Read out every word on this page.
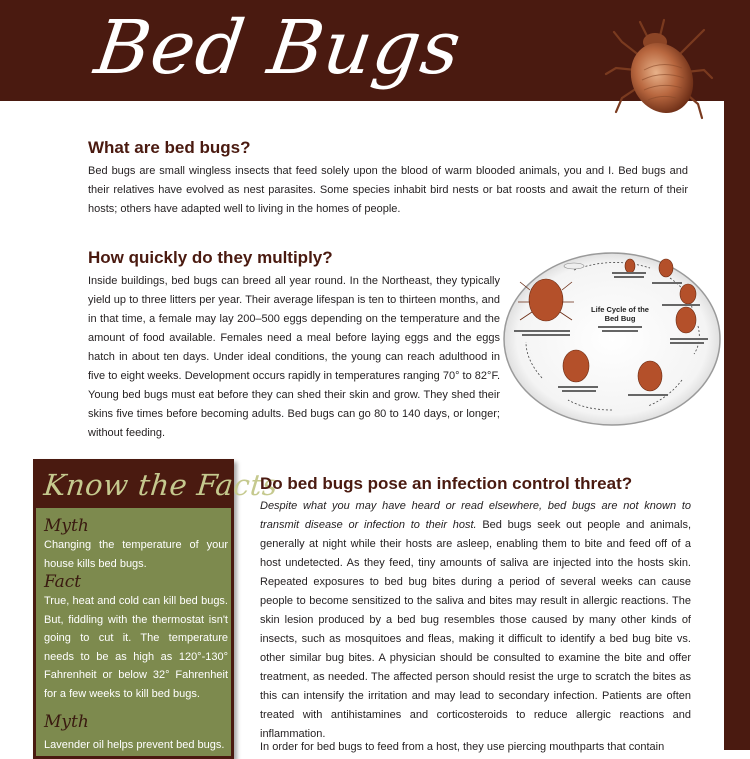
Bed Bugs
What are bed bugs?

Bed bugs are small wingless insects that feed solely upon the blood of warm blooded animals, you and I. Bed bugs and their relatives have evolved as nest parasites. Some species inhabit bird nests or bat roosts and await the return of their hosts; others have adapted well to living in the homes of people.

How quickly do they multiply?

Inside buildings, bed bugs can breed all year round. In the Northeast, they typically yield up to three litters per year. Their average lifespan is ten to thirteen months, and in that time, a female may lay 200–500 eggs depending on the temperature and the amount of food available. Females need a meal before laying eggs and the eggs hatch in about ten days. Under ideal conditions, the young can reach adulthood in five to eight weeks. Development occurs rapidly in temperatures ranging 70° to 82°F. Young bed bugs must eat before they can shed their skin and grow. They shed their skins five times before becoming adults. Bed bugs can go 80 to 140 days, or longer; without feeding.

Life Cycle of the
Bed Bug
Know the Facts

Myth

Changing the temperature of your house kills bed bugs.

Fact

True, heat and cold can kill bed bugs. But, fiddling with the thermostat isn't going to cut it. The temperature needs to be as high as 120°-130° Fahrenheit or below 32° Fahrenheit for a few weeks to kill bed bugs.

Myth

Lavender oil helps prevent bed bugs.

Do bed bugs pose an infection control threat?

Despite what you may have heard or read elsewhere, bed bugs are not known to transmit disease or infection to their host. Bed bugs seek out people and animals, generally at night while their hosts are asleep, enabling them to bite and feed off of a host undetected. As they feed, tiny amounts of saliva are injected into the hosts skin. Repeated exposures to bed bug bites during a period of several weeks can cause people to become sensitized to the saliva and bites may result in allergic reactions. The skin lesion produced by a bed bug resembles those caused by many other kinds of insects, such as mosquitoes and fleas, making it difficult to identify a bed bug bite vs. other similar bug bites. A physician should be consulted to examine the bite and offer treatment, as needed. The affected person should resist the urge to scratch the bites as this can intensify the irritation and may lead to secondary infection. Patients are often treated with antihistamines and corticosteroids to reduce allergic reactions and inflammation.

In order for bed bugs to feed from a host, they use piercing mouthparts that contain
